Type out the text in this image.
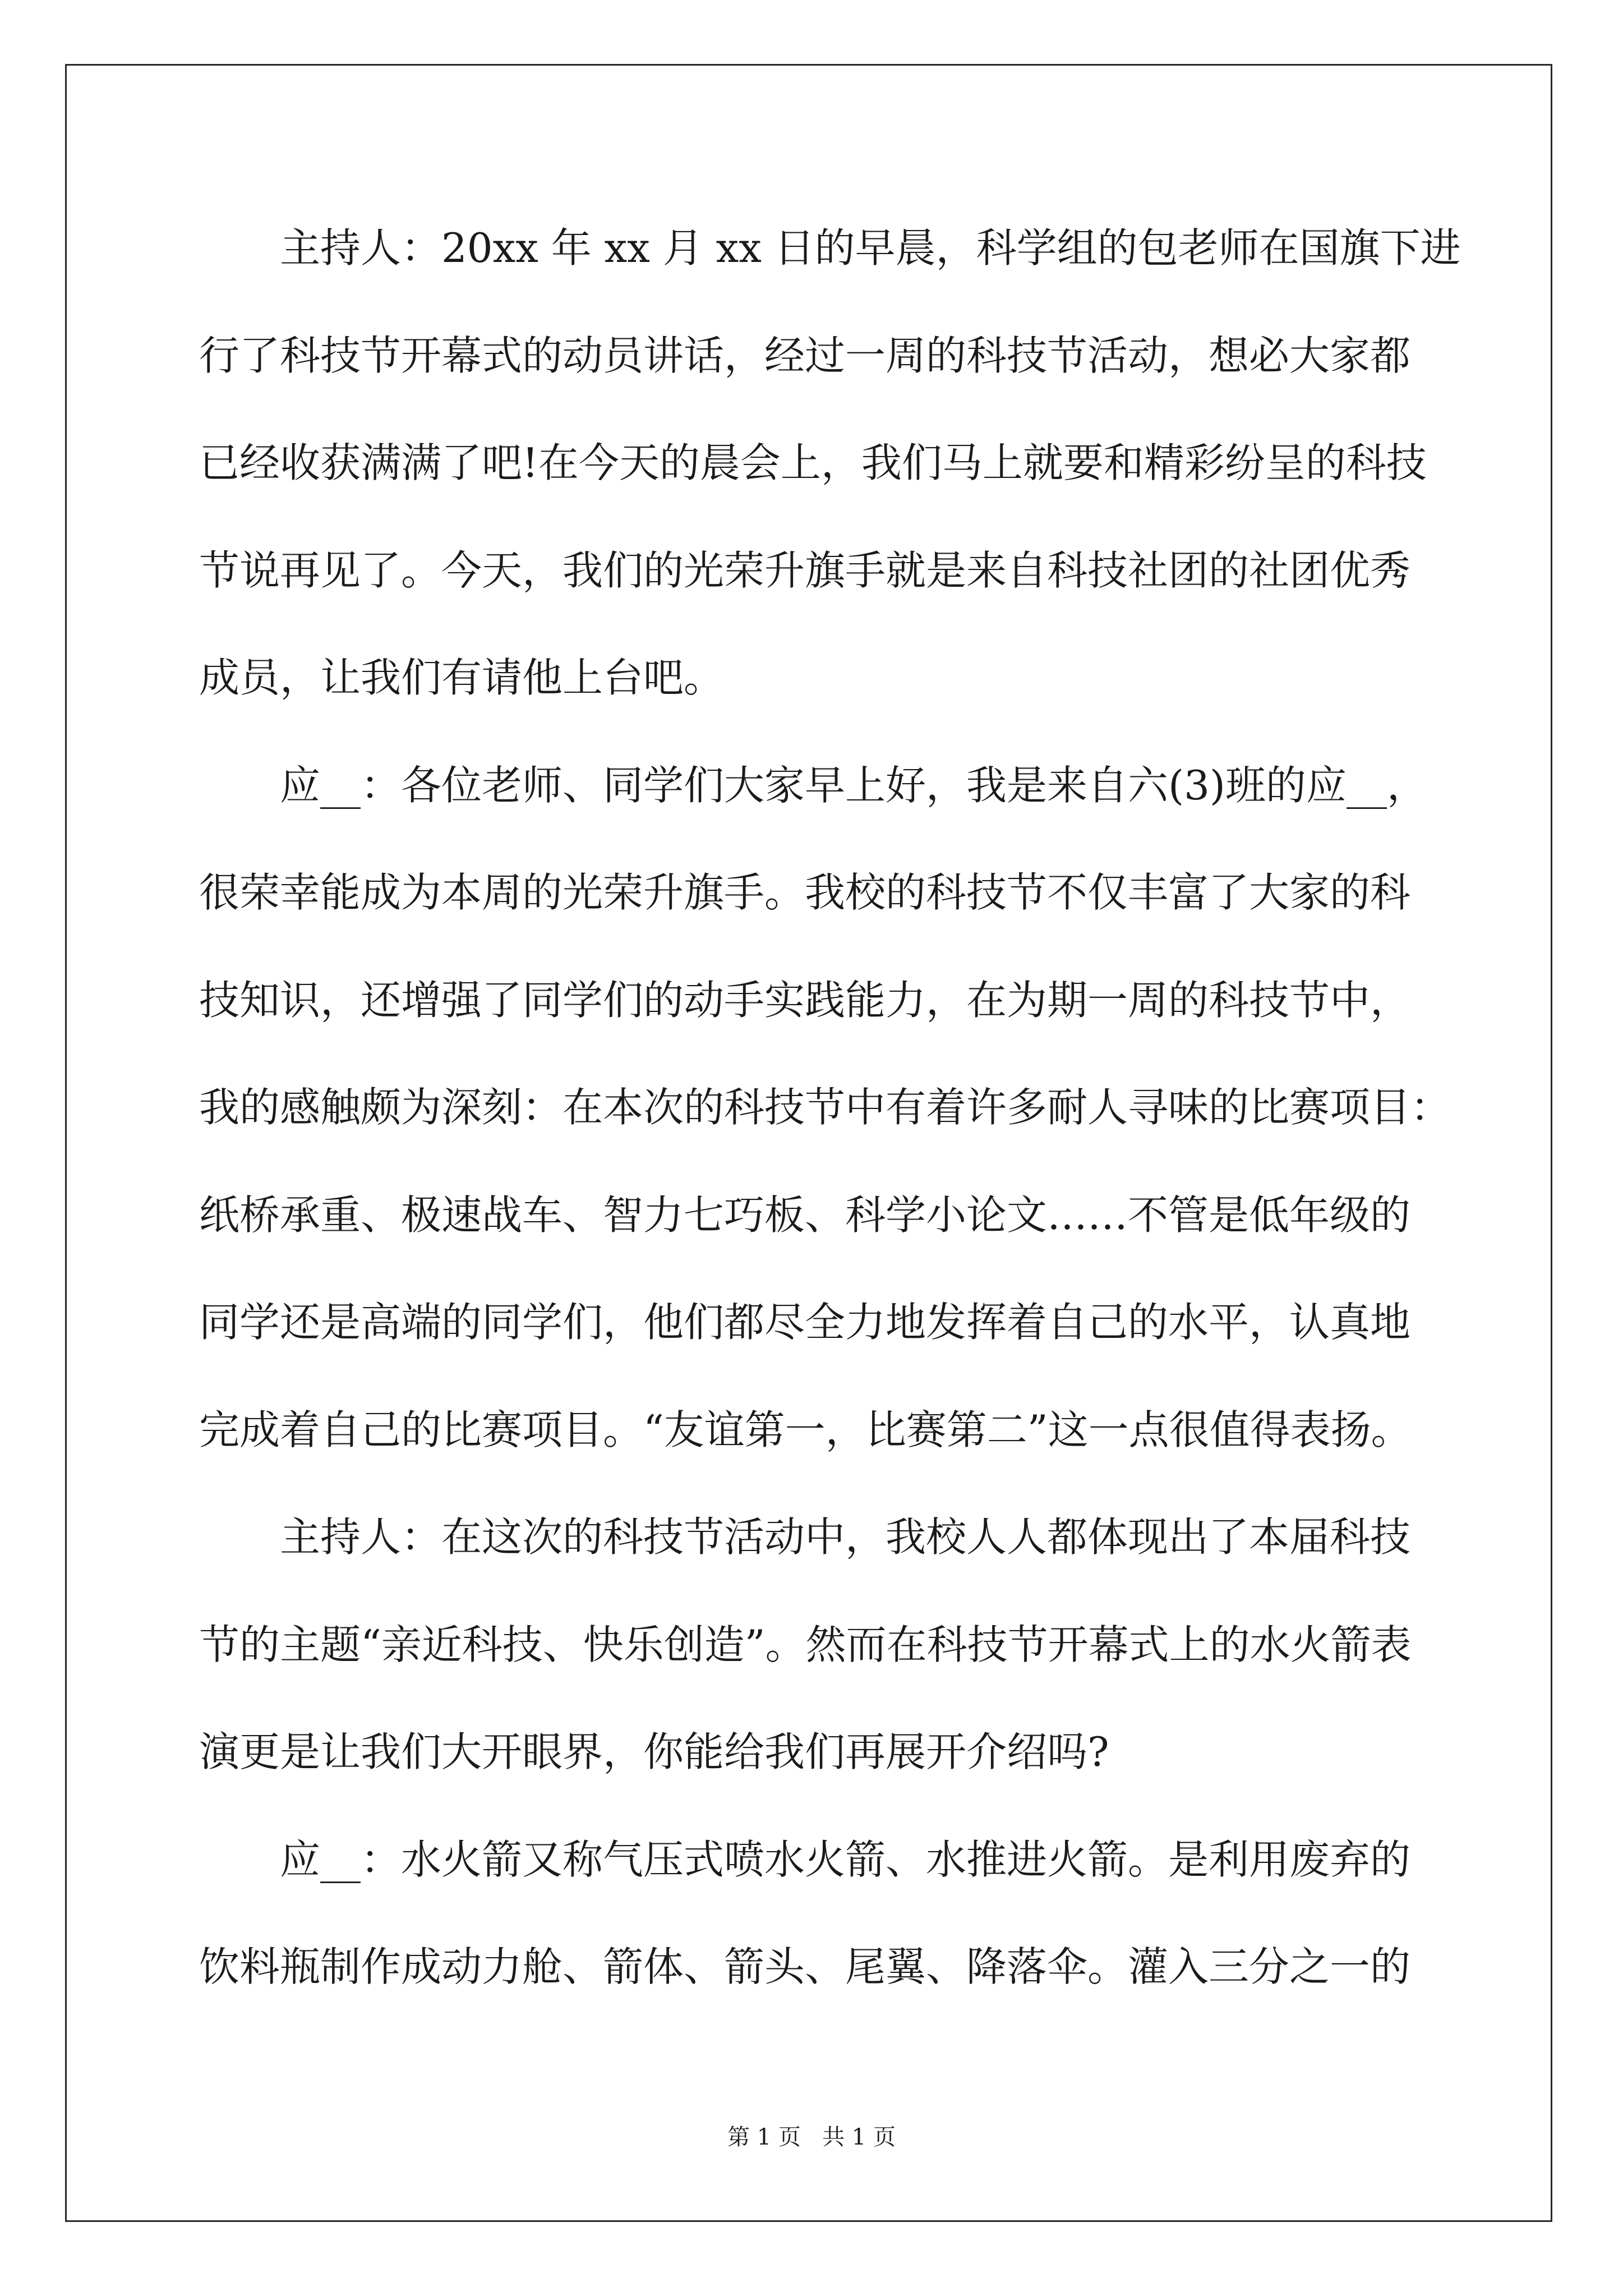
主持人：20xx 年 xx 月 xx 日的早晨，科学组的包老师在国旗下进
行了科技节开幕式的动员讲话，经过一周的科技节活动，想必大家都
已经收获满满了吧!在今天的晨会上，我们马上就要和精彩纷呈的科技
节说再见了。今天，我们的光荣升旗手就是来自科技社团的社团优秀
成员，让我们有请他上台吧。
应__：各位老师、同学们大家早上好，我是来自六(3)班的应__，
很荣幸能成为本周的光荣升旗手。我校的科技节不仅丰富了大家的科
技知识，还增强了同学们的动手实践能力，在为期一周的科技节中，
我的感触颇为深刻：在本次的科技节中有着许多耐人寻味的比赛项目：
纸桥承重、极速战车、智力七巧板、科学小论文……不管是低年级的
同学还是高端的同学们，他们都尽全力地发挥着自己的水平，认真地
完成着自己的比赛项目。“友谊第一，比赛第二”这一点很值得表扬。
主持人：在这次的科技节活动中，我校人人都体现出了本届科技
节的主题“亲近科技、快乐创造”。然而在科技节开幕式上的水火箭表
演更是让我们大开眼界，你能给我们再展开介绍吗?
应__：水火箭又称气压式喷水火箭、水推进火箭。是利用废弃的
饮料瓶制作成动力舱、箭体、箭头、尾翼、降落伞。灌入三分之一的
第 1 页   共 1 页
